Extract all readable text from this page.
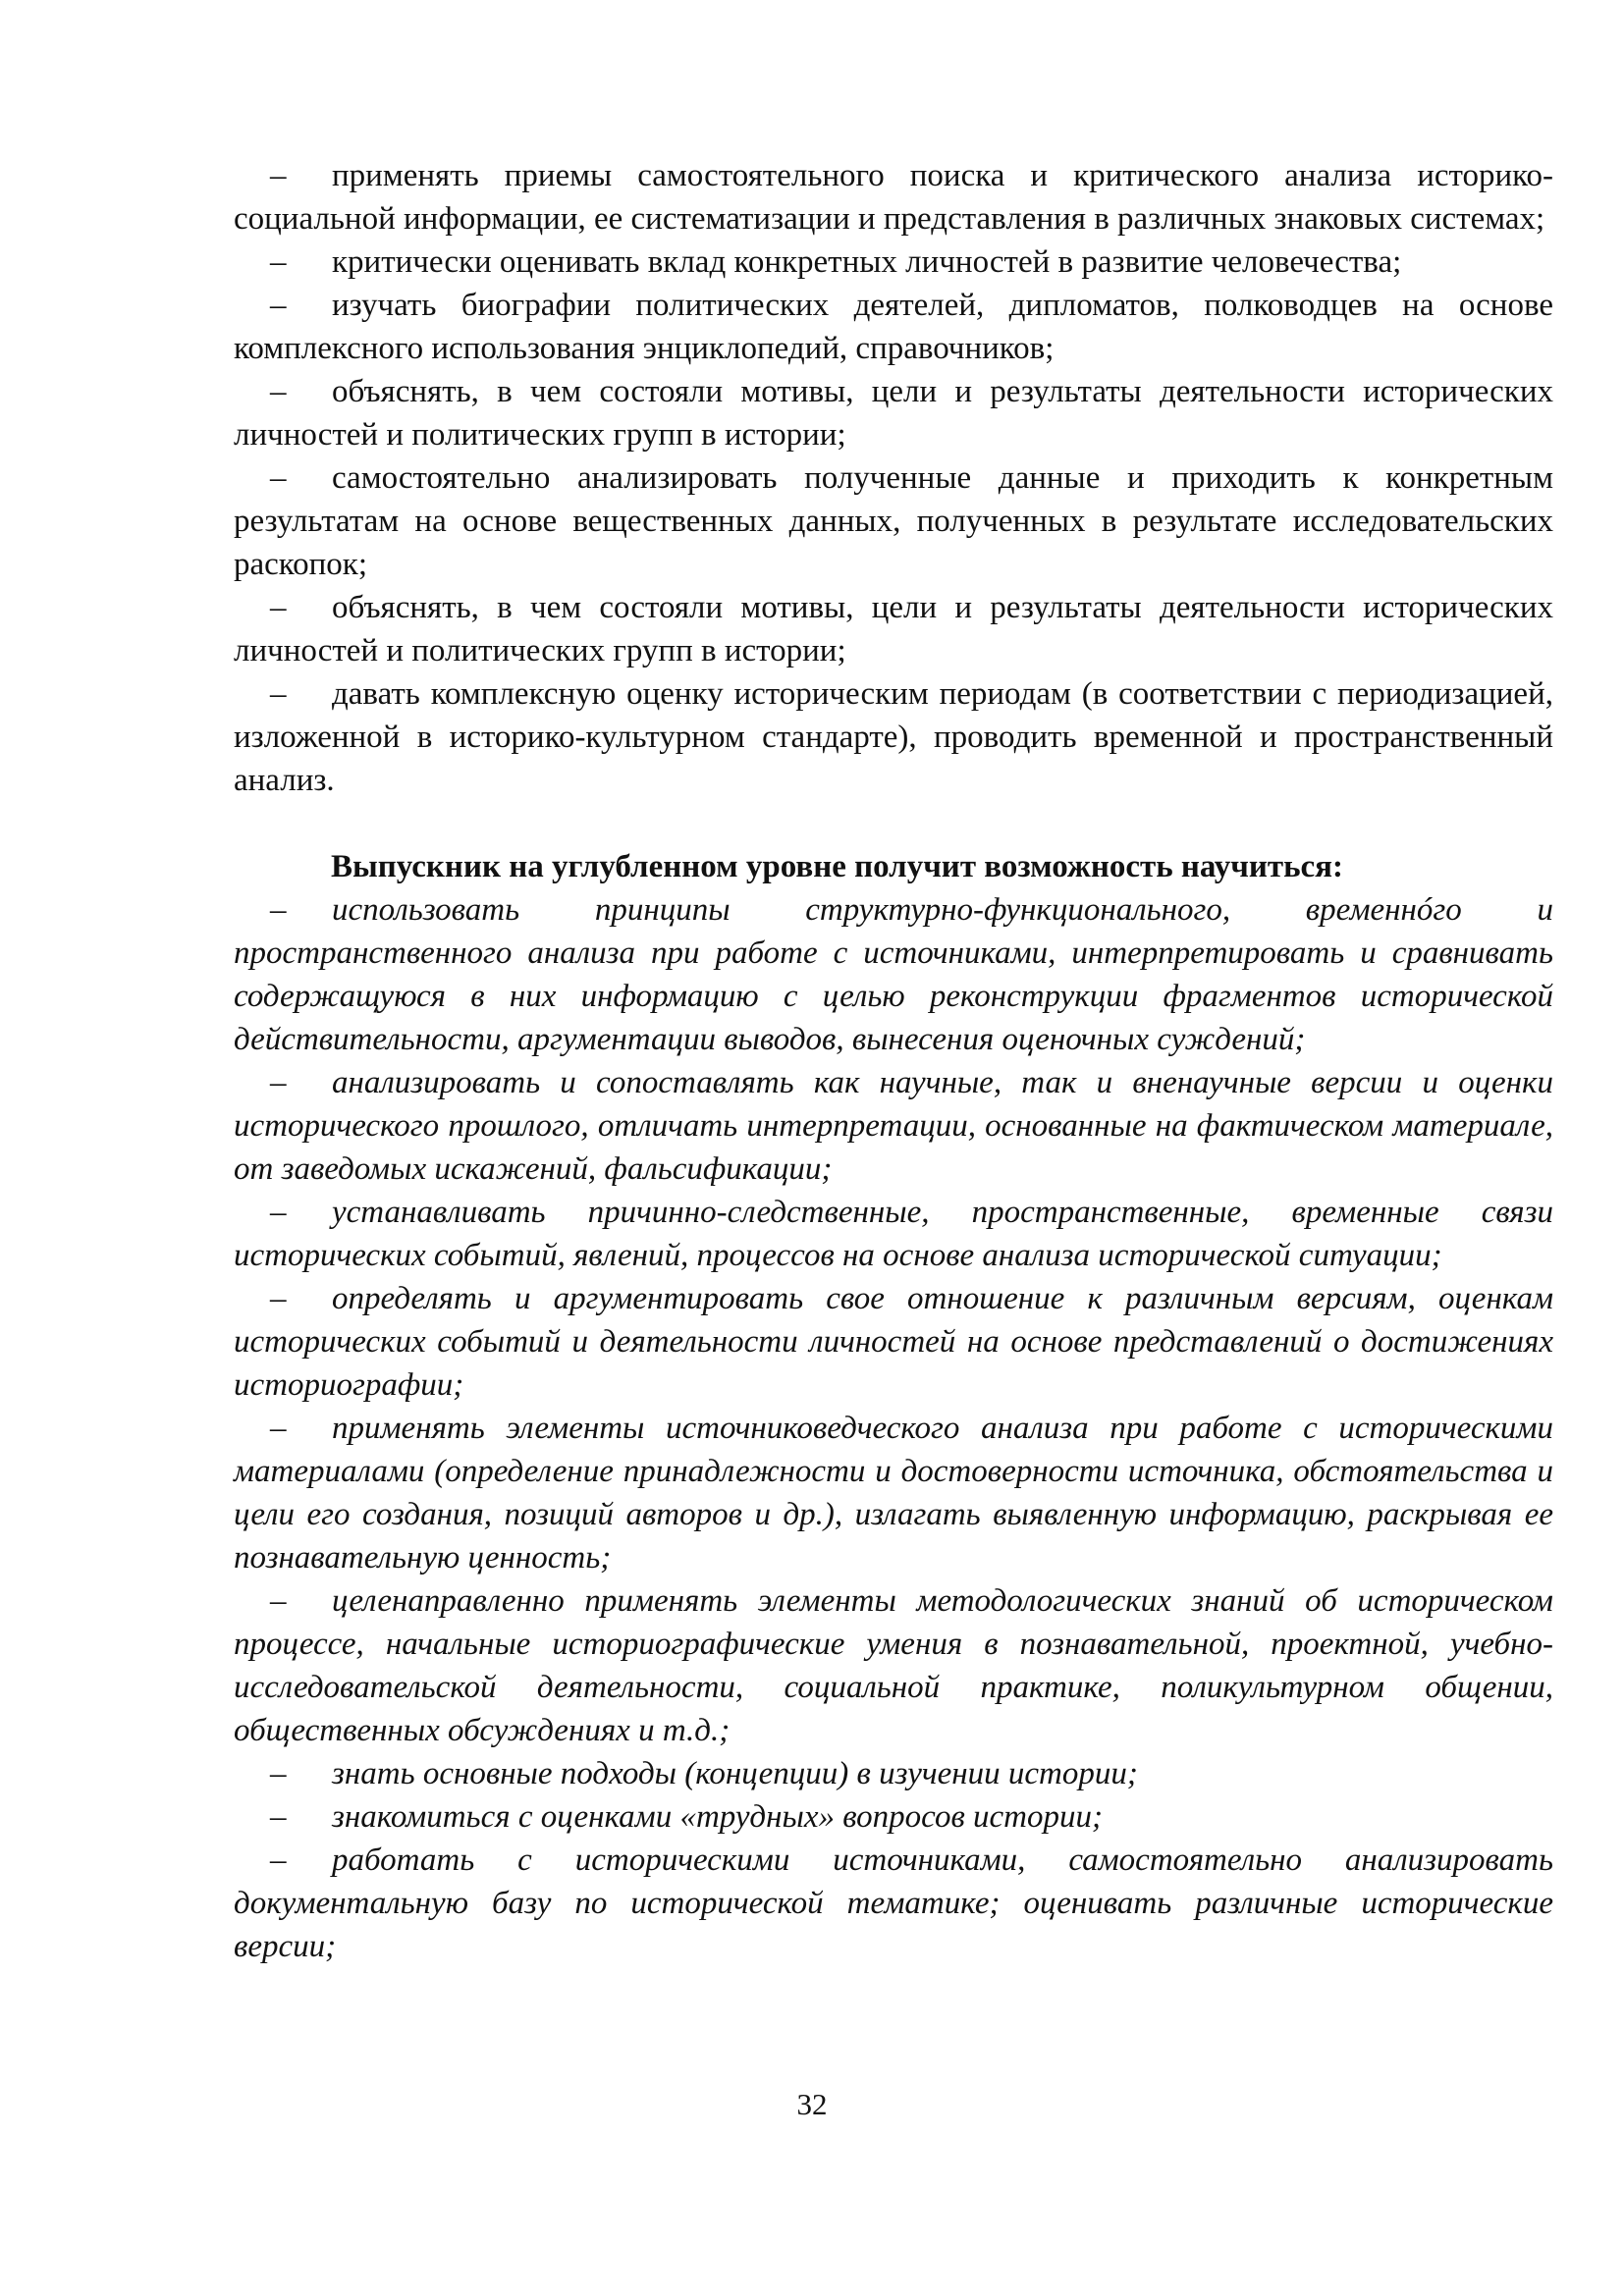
– применять приемы самостоятельного поиска и критического анализа историко-социальной информации, ее систематизации и представления в различных знаковых системах;

– критически оценивать вклад конкретных личностей в развитие человечества;

– изучать биографии политических деятелей, дипломатов, полководцев на основе комплексного использования энциклопедий, справочников;

– объяснять, в чем состояли мотивы, цели и результаты деятельности исторических личностей и политических групп в истории;

– самостоятельно анализировать полученные данные и приходить к конкретным результатам на основе вещественных данных, полученных в результате исследовательских раскопок;

– объяснять, в чем состояли мотивы, цели и результаты деятельности исторических личностей и политических групп в истории;

– давать комплексную оценку историческим периодам (в соответствии с периодизацией, изложенной в историко-культурном стандарте), проводить временной и пространственный анализ.

Выпускник на углубленном уровне получит возможность научиться:

– использовать принципы структурно-функционального, временнóго и пространственного анализа при работе с источниками, интерпретировать и сравнивать содержащуюся в них информацию с целью реконструкции фрагментов исторической действительности, аргументации выводов, вынесения оценочных суждений;

– анализировать и сопоставлять как научные, так и вненаучные версии и оценки исторического прошлого, отличать интерпретации, основанные на фактическом материале, от заведомых искажений, фальсификации;

– устанавливать причинно-следственные, пространственные, временные связи исторических событий, явлений, процессов на основе анализа исторической ситуации;

– определять и аргументировать свое отношение к различным версиям, оценкам исторических событий и деятельности личностей на основе представлений о достижениях историографии;

– применять элементы источниковедческого анализа при работе с историческими материалами (определение принадлежности и достоверности источника, обстоятельства и цели его создания, позиций авторов и др.), излагать выявленную информацию, раскрывая ее познавательную ценность;

– целенаправленно применять элементы методологических знаний об историческом процессе, начальные историографические умения в познавательной, проектной, учебно-исследовательской деятельности, социальной практике, поликультурном общении, общественных обсуждениях и т.д.;

– знать основные подходы (концепции) в изучении истории;

– знакомиться с оценками «трудных» вопросов истории;

– работать с историческими источниками, самостоятельно анализировать документальную базу по исторической тематике; оценивать различные исторические версии;

32
